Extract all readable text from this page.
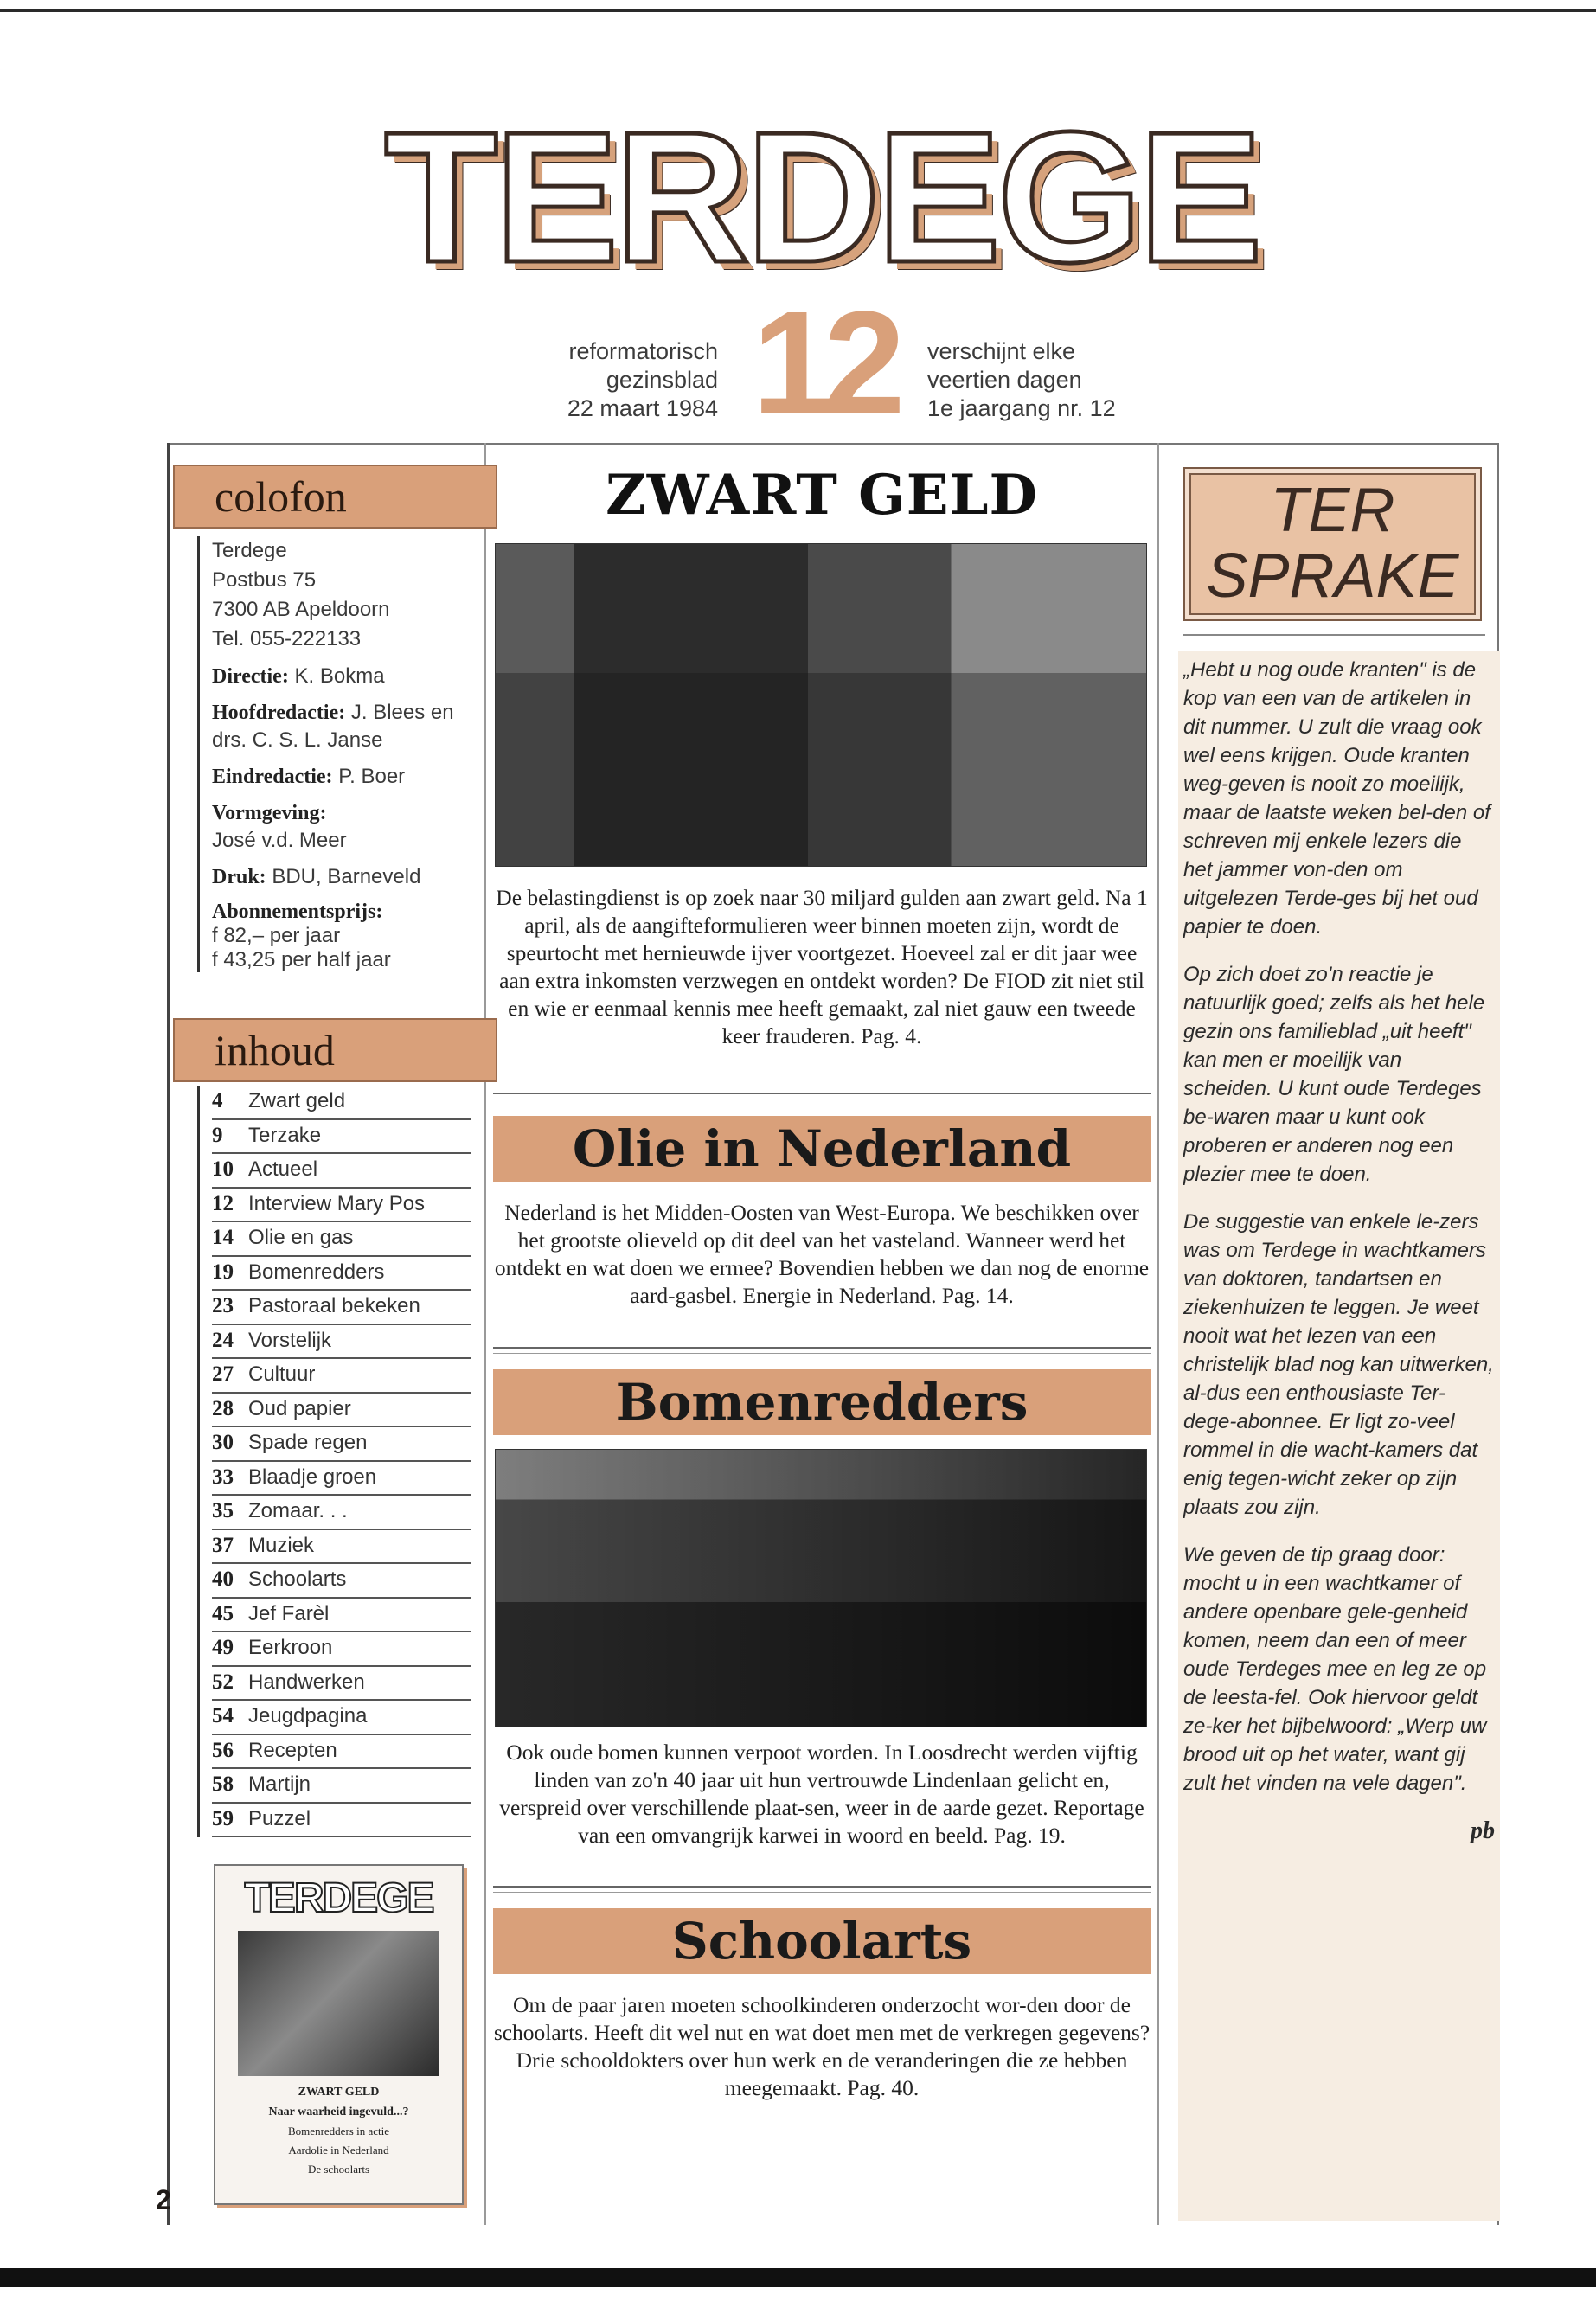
TERDEGE
reformatorisch
gezinsblad
22 maart 1984 12 verschijnt elke
veertien dagen
1e jaargang nr. 12
colofon
Terdege
Postbus 75
7300 AB Apeldoorn
Tel. 055-222133
Directie: K. Bokma
Hoofdredactie: J. Blees en drs. C. S. L. Janse
Eindredactie: P. Boer
Vormgeving:
José v.d. Meer
Druk: BDU, Barneveld
Abonnementsprijs:
f 82,– per jaar
f 43,25 per half jaar
inhoud
4 Zwart geld
9 Terzake
10 Actueel
12 Interview Mary Pos
14 Olie en gas
19 Bomenredders
23 Pastoraal bekeken
24 Vorstelijk
27 Cultuur
28 Oud papier
30 Spade regen
33 Blaadje groen
35 Zomaar. . .
37 Muziek
40 Schoolarts
45 Jef Farèl
49 Eerkroon
52 Handwerken
54 Jeugdpagina
56 Recepten
58 Martijn
59 Puzzel
TERDEGE
ZWART GELD
Naar waarheid ingevuld...?
Bomenredders in actie
Aardolie in Nederland
De schoolarts
2
ZWART GELD
De belastingdienst is op zoek naar 30 miljard gulden aan zwart geld. Na 1 april, als de aangifteformulieren weer binnen moeten zijn, wordt de speurtocht met hernieuwde ijver voortgezet. Hoeveel zal er dit jaar wee aan extra inkomsten verzwegen en ontdekt worden? De FIOD zit niet stil en wie er eenmaal kennis mee heeft gemaakt, zal niet gauw een tweede keer frauderen. Pag. 4.
Olie in Nederland
Nederland is het Midden-Oosten van West-Europa. We beschikken over het grootste olieveld op dit deel van het vasteland. Wanneer werd het ontdekt en wat doen we ermee? Bovendien hebben we dan nog de enorme aard-gasbel. Energie in Nederland. Pag. 14.
Bomenredders
Ook oude bomen kunnen verpoot worden. In Loosdrecht werden vijftig linden van zo'n 40 jaar uit hun vertrouwde Lindenlaan gelicht en, verspreid over verschillende plaat-sen, weer in de aarde gezet. Reportage van een omvangrijk karwei in woord en beeld. Pag. 19.
Schoolarts
Om de paar jaren moeten schoolkinderen onderzocht wor-den door de schoolarts. Heeft dit wel nut en wat doet men met de verkregen gegevens? Drie schooldokters over hun werk en de veranderingen die ze hebben meegemaakt. Pag. 40.
TER
SPRAKE

„Hebt u nog oude kranten" is de kop van een van de artikelen in dit nummer. U zult die vraag ook wel eens krijgen. Oude kranten weg-geven is nooit zo moeilijk, maar de laatste weken bel-den of schreven mij enkele lezers die het jammer von-den om uitgelezen Terde-ges bij het oud papier te doen.

Op zich doet zo'n reactie je natuurlijk goed; zelfs als het hele gezin ons familieblad „uit heeft" kan men er moeilijk van scheiden. U kunt oude Terdeges be-waren maar u kunt ook proberen er anderen nog een plezier mee te doen.

De suggestie van enkele le-zers was om Terdege in wachtkamers van doktoren, tandartsen en ziekenhuizen te leggen. Je weet nooit wat het lezen van een christelijk blad nog kan uitwerken, al-dus een enthousiaste Ter-dege-abonnee. Er ligt zo-veel rommel in die wacht-kamers dat enig tegen-wicht zeker op zijn plaats zou zijn.

We geven de tip graag door: mocht u in een wachtkamer of andere openbare gele-genheid komen, neem dan een of meer oude Terdeges mee en leg ze op de leesta-fel. Ook hiervoor geldt ze-ker het bijbelwoord: „Werp uw brood uit op het water, want gij zult het vinden na vele dagen".

pb
